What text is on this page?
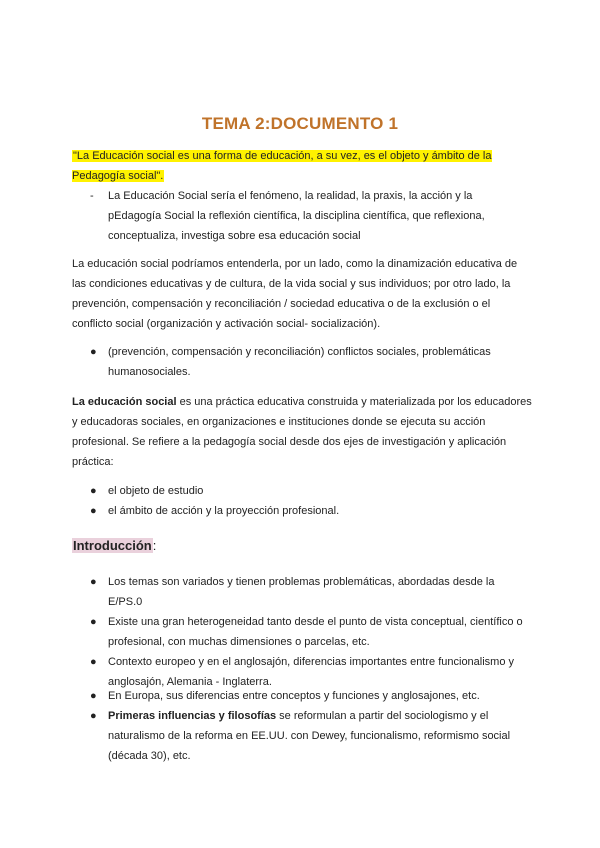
TEMA 2:DOCUMENTO 1

"La Educación social es una forma de educación, a su vez, es el objeto y ámbito de la Pedagogía social".

-	La Educación Social sería el fenómeno, la realidad, la praxis, la acción y la pEdagogía Social la reflexión científica, la disciplina científica, que reflexiona, conceptualiza, investiga sobre esa educación social

La educación social podríamos entenderla, por un lado, como la dinamización educativa de las condiciones educativas y de cultura, de la vida social y sus individuos; por otro lado, la prevención, compensación y reconciliación / sociedad educativa o de la exclusión o el conflicto social (organización y activación social- socialización).

●	(prevención, compensación y reconciliación) conflictos sociales, problemáticas humanosociales.

La educación social es una práctica educativa construida y materializada por los educadores y educadoras sociales, en organizaciones e instituciones donde se ejecuta su acción profesional. Se refiere a la pedagogía social desde dos ejes de investigación y aplicación práctica:

●	el objeto de estudio

●	el ámbito de acción y la proyección profesional.

Introducción:

●	Los temas son variados y tienen problemas problemáticas, abordadas desde la E/PS.0

●	Existe una gran heterogeneidad tanto desde el punto de vista conceptual, científico o profesional, con muchas dimensiones o parcelas, etc.

●	Contexto europeo y en el anglosajón, diferencias importantes entre funcionalismo y anglosajón, Alemania - Inglaterra.

●	En Europa, sus diferencias entre conceptos y funciones y anglosajones, etc.

●	Primeras influencias y filosofías se reformulan a partir del sociologismo y el naturalismo de la reforma en EE.UU. con Dewey, funcionalismo, reformismo social (década 30), etc.
